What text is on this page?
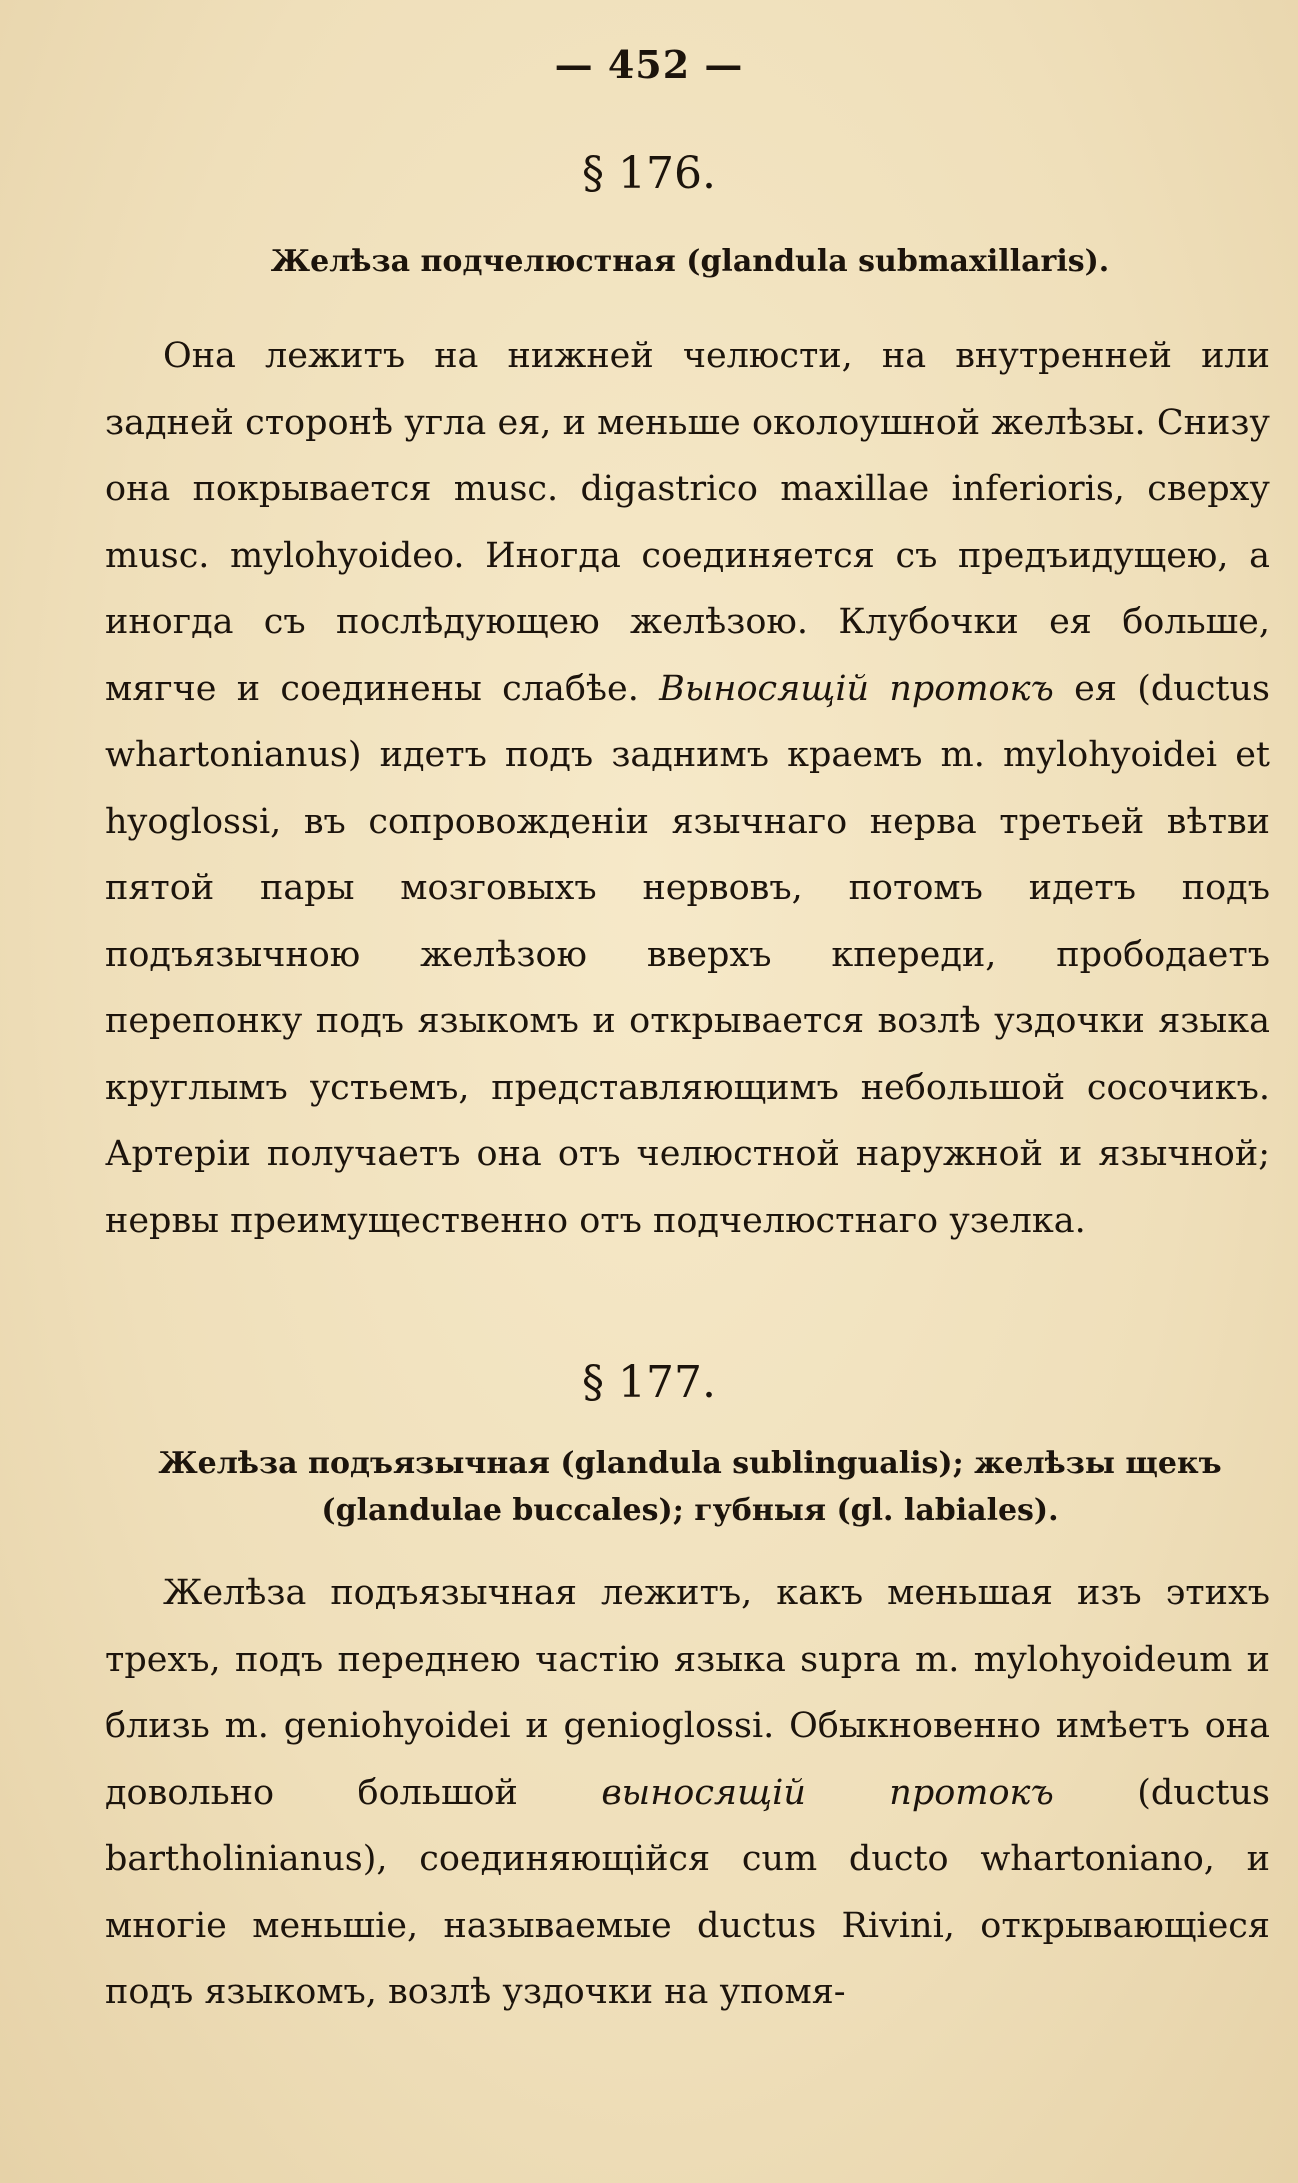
— 452 —
§ 176.
Желѣза подчелюстная (glandula submaxillaris).

Она лежитъ на нижней челюсти, на внутренней или задней сторонѣ угла ея, и меньше околоушной желѣзы. Снизу она покрывается musc. digastrico maxillae inferioris, сверху musc. mylohyoideo. Иногда соединяется съ предъидущею, а иногда съ послѣдующею желѣзою. Клубочки ея больше, мягче и соединены слабѣе. Выносящій протокъ ея (ductus whartonianus) идетъ подъ заднимъ краемъ m. mylohyoidei et hyoglossi, въ сопровожденіи язычнаго нерва третьей вѣтви пятой пары мозговыхъ нервовъ, потомъ идетъ подъ подъязычною желѣзою вверхъ кпереди, прободаетъ перепонку подъ языкомъ и открывается возлѣ уздочки языка круглымъ устьемъ, представляющимъ небольшой сосочикъ. Артеріи получаетъ она отъ челюстной наружной и язычной; нервы преимущественно отъ подчелюстнаго узелка.

§ 177.
Желѣза подъязычная (glandula sublingualis); желѣзы щекъ (glandulae buccales); губныя (gl. labiales).

Желѣза подъязычная лежитъ, какъ меньшая изъ этихъ трехъ, подъ переднею частію языка supra m. mylohyoideum и близь m. geniohyoidei и genioglossi. Обыкновенно имѣетъ она довольно большой выносящій протокъ (ductus bartholinianus), соединяющійся cum ducto whartoniano, и многіе меньшіе, называемые ductus Rivini, открывающіеся подъ языкомъ, возлѣ уздочки на упомя-
